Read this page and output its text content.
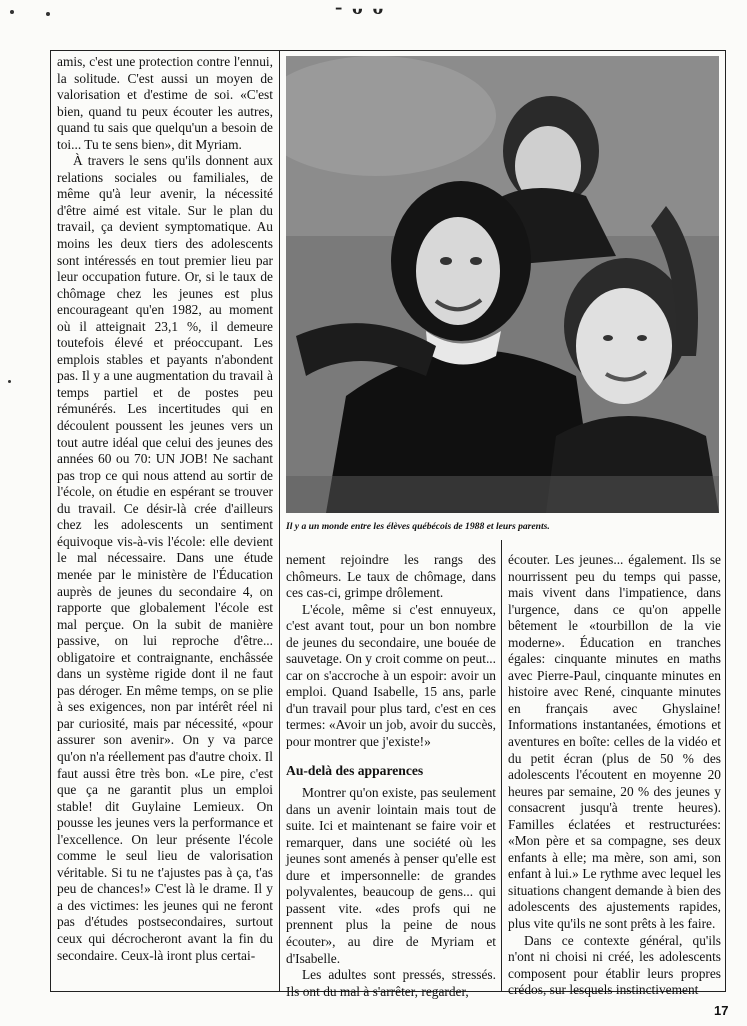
- ᴗ ᴗ

amis, c'est une protection contre l'ennui, la solitude. C'est aussi un moyen de valorisation et d'estime de soi. «C'est bien, quand tu peux écouter les autres, quand tu sais que quelqu'un a besoin de toi... Tu te sens bien», dit Myriam.

À travers le sens qu'ils donnent aux relations sociales ou familiales, de même qu'à leur avenir, la nécessité d'être aimé est vitale. Sur le plan du travail, ça devient symptomatique. Au moins les deux tiers des adolescents sont intéressés en tout premier lieu par leur occupation future. Or, si le taux de chômage chez les jeunes est plus encourageant qu'en 1982, au moment où il atteignait 23,1 %, il demeure toutefois élevé et préoccupant. Les emplois stables et payants n'abondent pas. Il y a une augmentation du travail à temps partiel et de postes peu rémunérés. Les incertitudes qui en découlent poussent les jeunes vers un tout autre idéal que celui des jeunes des années 60 ou 70: UN JOB! Ne sachant pas trop ce qui nous attend au sortir de l'école, on étudie en espérant se trouver du travail. Ce désir-là crée d'ailleurs chez les adolescents un sentiment équivoque vis-à-vis l'école: elle devient le mal nécessaire. Dans une étude menée par le ministère de l'Éducation auprès de jeunes du secondaire 4, on rapporte que globalement l'école est mal perçue. On la subit de manière passive, on lui reproche d'être... obligatoire et contraignante, enchâssée dans un système rigide dont il ne faut pas déroger. En même temps, on se plie à ses exigences, non par intérêt réel ni par curiosité, mais par nécessité, «pour assurer son avenir». On y va parce qu'on n'a réellement pas d'autre choix. Il faut aussi être très bon. «Le pire, c'est que ça ne garantit plus un emploi stable! dit Guylaine Lemieux. On pousse les jeunes vers la performance et l'excellence. On leur présente l'école comme le seul lieu de valorisation véritable. Si tu ne t'ajustes pas à ça, t'as peu de chances!» C'est là le drame. Il y a des victimes: les jeunes qui ne feront pas d'études postsecondaires, surtout ceux qui décrocheront avant la fin du secondaire. Ceux-là iront plus certai-

Il y a un monde entre les élèves québécois de 1988 et leurs parents.

nement rejoindre les rangs des chômeurs. Le taux de chômage, dans ces cas-ci, grimpe drôlement.

L'école, même si c'est ennuyeux, c'est avant tout, pour un bon nombre de jeunes du secondaire, une bouée de sauvetage. On y croit comme on peut... car on s'accroche à un espoir: avoir un emploi. Quand Isabelle, 15 ans, parle d'un travail pour plus tard, c'est en ces termes: «Avoir un job, avoir du succès, pour montrer que j'existe!»

Au-delà des apparences

Montrer qu'on existe, pas seulement dans un avenir lointain mais tout de suite. Ici et maintenant se faire voir et remarquer, dans une société où les jeunes sont amenés à penser qu'elle est dure et impersonnelle: de grandes polyvalentes, beaucoup de gens... qui passent vite. «des profs qui ne prennent plus la peine de nous écouter», au dire de Myriam et d'Isabelle.

Les adultes sont pressés, stressés. Ils ont du mal à s'arrêter, regarder,

écouter. Les jeunes... également. Ils se nourrissent peu du temps qui passe, mais vivent dans l'impatience, dans l'urgence, dans ce qu'on appelle bêtement le «tourbillon de la vie moderne». Éducation en tranches égales: cinquante minutes en maths avec Pierre-Paul, cinquante minutes en histoire avec René, cinquante minutes en français avec Ghyslaine! Informations instantanées, émotions et aventures en boîte: celles de la vidéo et du petit écran (plus de 50 % des adolescents l'écoutent en moyenne 20 heures par semaine, 20 % des jeunes y consacrent jusqu'à trente heures). Familles éclatées et restructurées: «Mon père et sa compagne, ses deux enfants à elle; ma mère, son ami, son enfant à lui.» Le rythme avec lequel les situations changent demande à bien des adolescents des ajustements rapides, plus vite qu'ils ne sont prêts à les faire.

Dans ce contexte général, qu'ils n'ont ni choisi ni créé, les adolescents composent pour établir leurs propres crédos, sur lesquels instinctivement

17
